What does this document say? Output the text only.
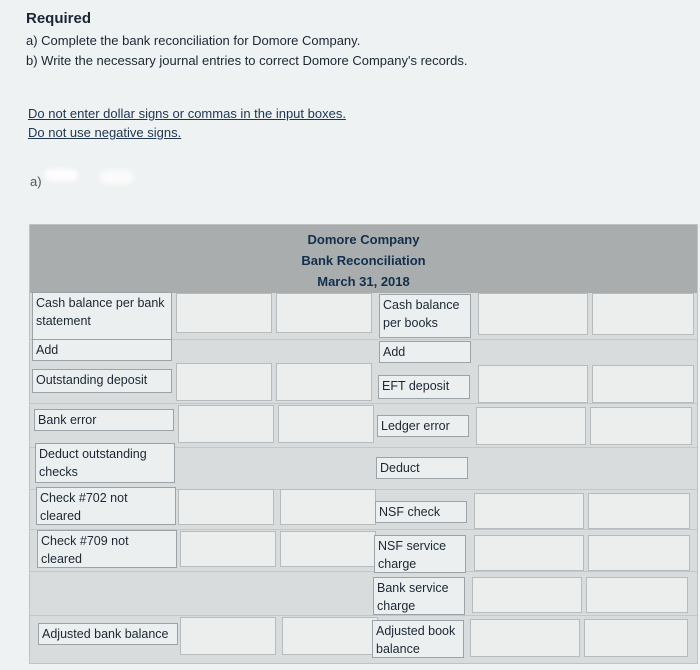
Required
a) Complete the bank reconciliation for Domore Company.
b) Write the necessary journal entries to correct Domore Company's records.
Do not enter dollar signs or commas in the input boxes.
Do not use negative signs.
a)
Domore Company
Bank Reconciliation
March 31, 2018
Cash balance per bank
statement
Add
Outstanding deposit
Bank error
Deduct outstanding
checks
Check #702 not
cleared
Check #709 not
cleared
Adjusted bank balance
Cash balance
per books
Add
EFT deposit
Ledger error
Deduct
NSF check
NSF service
charge
Bank service
charge
Adjusted book
balance
